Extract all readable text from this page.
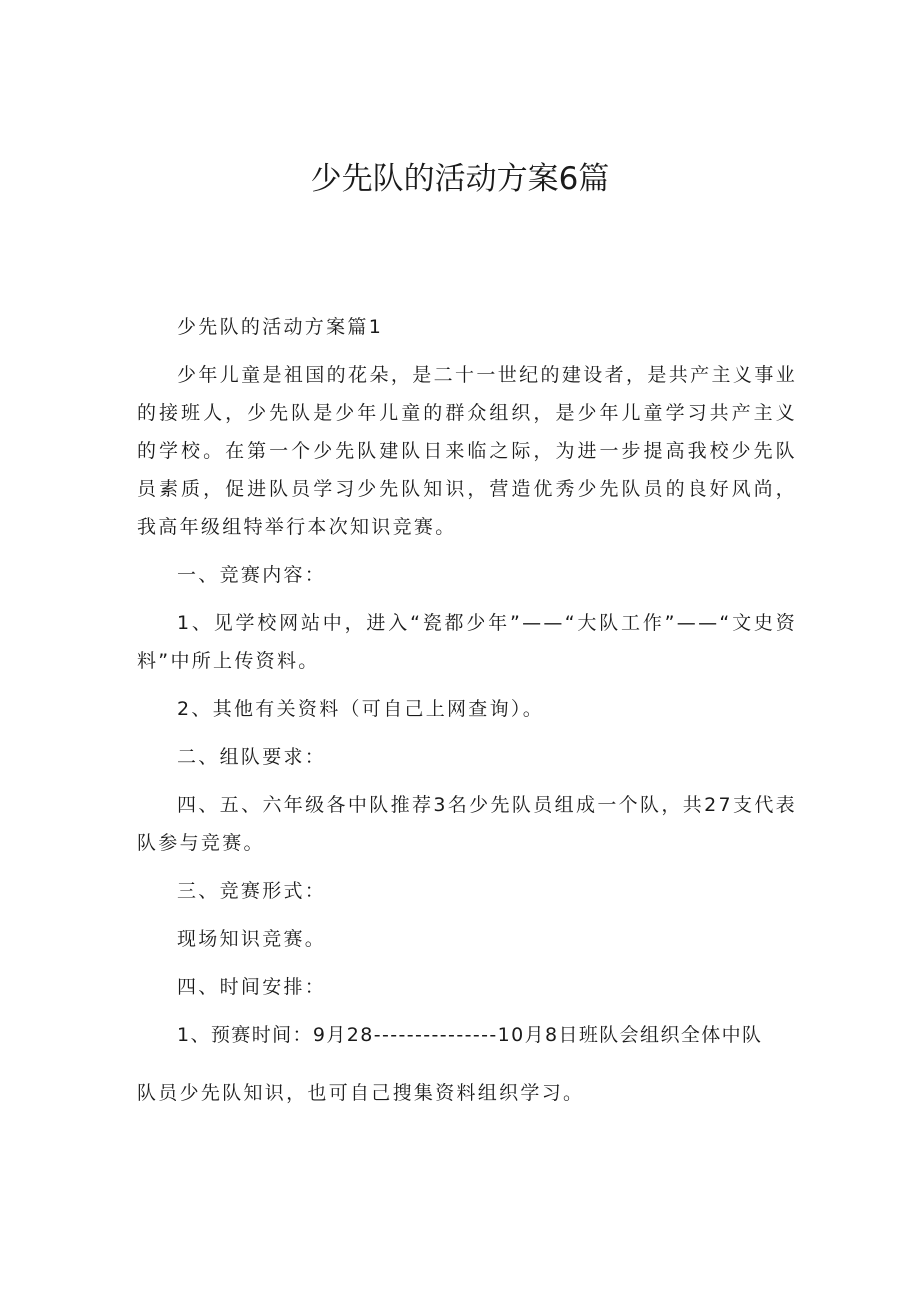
少先队的活动方案6篇

少先队的活动方案篇1

少年儿童是祖国的花朵，是二十一世纪的建设者，是共产主义事业的接班人，少先队是少年儿童的群众组织，是少年儿童学习共产主义的学校。在第一个少先队建队日来临之际，为进一步提高我校少先队员素质，促进队员学习少先队知识，营造优秀少先队员的良好风尚，我高年级组特举行本次知识竞赛。

一、竞赛内容：

1、见学校网站中，进入“瓷都少年”——“大队工作”——“文史资料”中所上传资料。

2、其他有关资料（可自己上网查询）。

二、组队要求：

四、五、六年级各中队推荐3名少先队员组成一个队，共27支代表队参与竞赛。

三、竞赛形式：

现场知识竞赛。

四、时间安排：

1、预赛时间：9月28---------------10月8日班队会组织全体中队

队员少先队知识，也可自己搜集资料组织学习。
